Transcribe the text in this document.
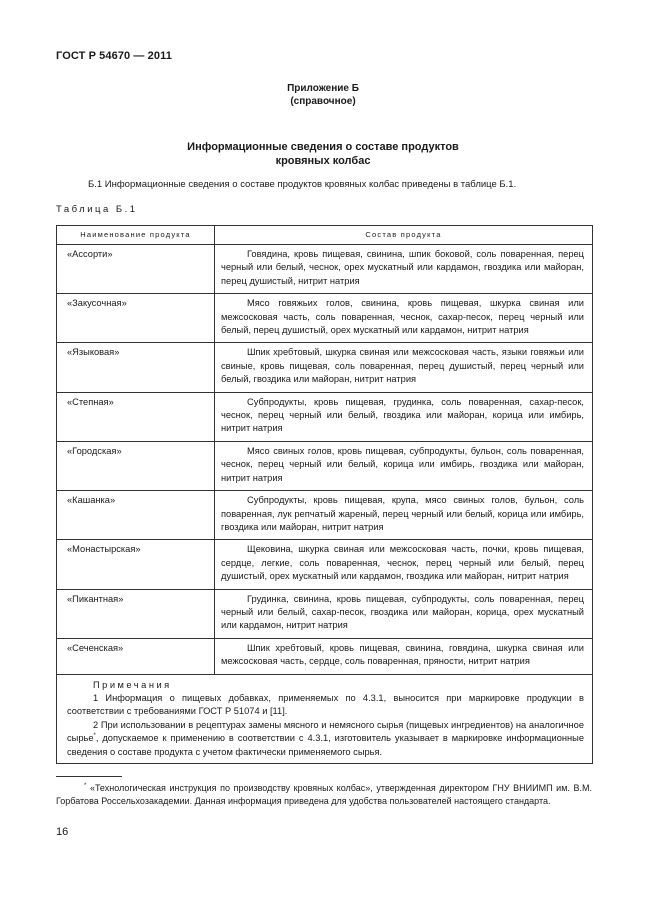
ГОСТ Р 54670 — 2011
Приложение Б
(справочное)
Информационные сведения о составе продуктов
кровяных колбас
Б.1 Информационные сведения о составе продуктов кровяных колбас приведены в таблице Б.1.
Таблица Б.1
Наименование продукта	Состав продукта
«Ассорти»	Говядина, кровь пищевая, свинина, шпик боковой, соль поваренная, перец черный или белый, чеснок, орех мускатный или кардамон, гвоздика или майоран, перец душистый, нитрит натрия
«Закусочная»	Мясо говяжьих голов, свинина, кровь пищевая, шкурка свиная или межсосковая часть, соль поваренная, чеснок, сахар-песок, перец черный или белый, перец душистый, орех мускатный или кардамон, нитрит натрия
«Языковая»	Шпик хребтовый, шкурка свиная или межсосковая часть, языки говяжьи или свиные, кровь пищевая, соль поваренная, перец душистый, перец черный или белый, гвоздика или майоран, нитрит натрия
«Степная»	Субпродукты, кровь пищевая, грудинка, соль поваренная, сахар-песок, чеснок, перец черный или белый, гвоздика или майоран, корица или имбирь, нитрит натрия
«Городская»	Мясо свиных голов, кровь пищевая, субпродукты, бульон, соль поваренная, чеснок, перец черный или белый, корица или имбирь, гвоздика или майоран, нитрит натрия
«Кашанка»	Субпродукты, кровь пищевая, крупа, мясо свиных голов, бульон, соль поваренная, лук репчатый жареный, перец черный или белый, корица или имбирь, гвоздика или майоран, нитрит натрия
«Монастырская»	Щековина, шкурка свиная или межсосковая часть, почки, кровь пищевая, сердце, легкие, соль поваренная, чеснок, перец черный или белый, перец душистый, орех мускатный или кардамон, гвоздика или майоран, нитрит натрия
«Пикантная»	Грудинка, свинина, кровь пищевая, субпродукты, соль поваренная, перец черный или белый, сахар-песок, гвоздика или майоран, корица, орех мускатный или кардамон, нитрит натрия
«Сеченская»	Шпик хребтовый, кровь пищевая, свинина, говядина, шкурка свиная или межсосковая часть, сердце, соль поваренная, пряности, нитрит натрия

Примечания
1 Информация о пищевых добавках, применяемых по 4.3.1, выносится при маркировке продукции в соответствии с требованиями ГОСТ Р 51074 и [11].
2 При использовании в рецептурах замены мясного и немясного сырья (пищевых ингредиентов) на аналогичное сырье*, допускаемое к применению в соответствии с 4.3.1, изготовитель указывает в маркировке информационные сведения о составе продукта с учетом фактически применяемого сырья.	
* «Технологическая инструкция по производству кровяных колбас», утвержденная директором ГНУ ВНИИМП им. В.М. Горбатова Россельхозакадемии. Данная информация приведена для удобства пользователей настоящего стандарта.
16
